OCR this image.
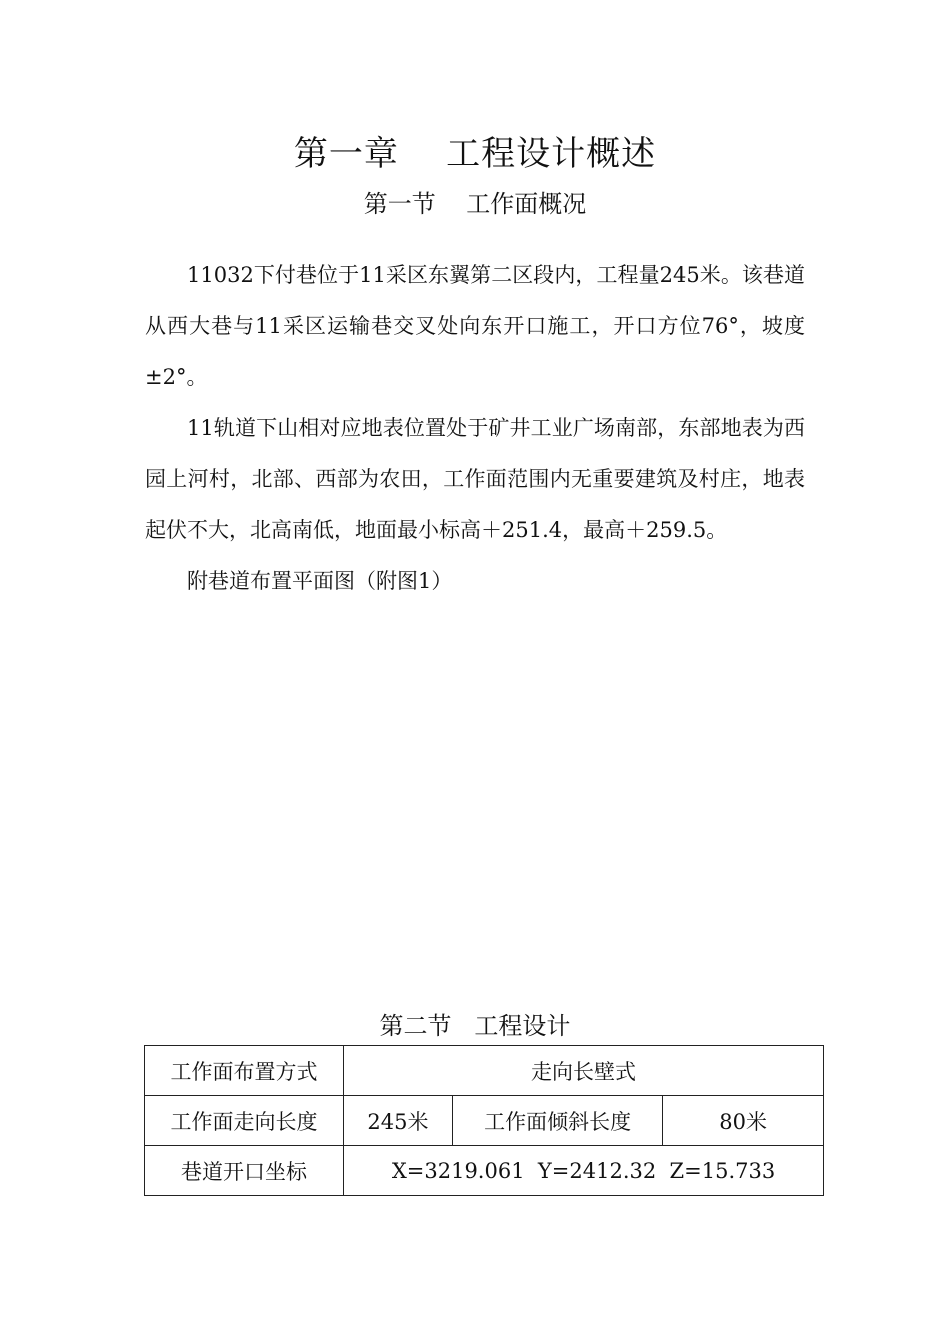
第一章    工程设计概述
第一节    工作面概况

11032下付巷位于11采区东翼第二区段内，工程量245米。该巷道从西大巷与11采区运输巷交叉处向东开口施工，开口方位76°，坡度±2°。

11轨道下山相对应地表位置处于矿井工业广场南部，东部地表为西园上河村，北部、西部为农田，工作面范围内无重要建筑及村庄，地表起伏不大，北高南低，地面最小标高＋251.4，最高＋259.5。

附巷道布置平面图（附图1）

第二节   工程设计
工作面布置方式	走向长壁式		
工作面走向长度	245米	工作面倾斜长度	80米
巷道开口坐标	X=3219.061  Y=2412.32  Z=15.733		
